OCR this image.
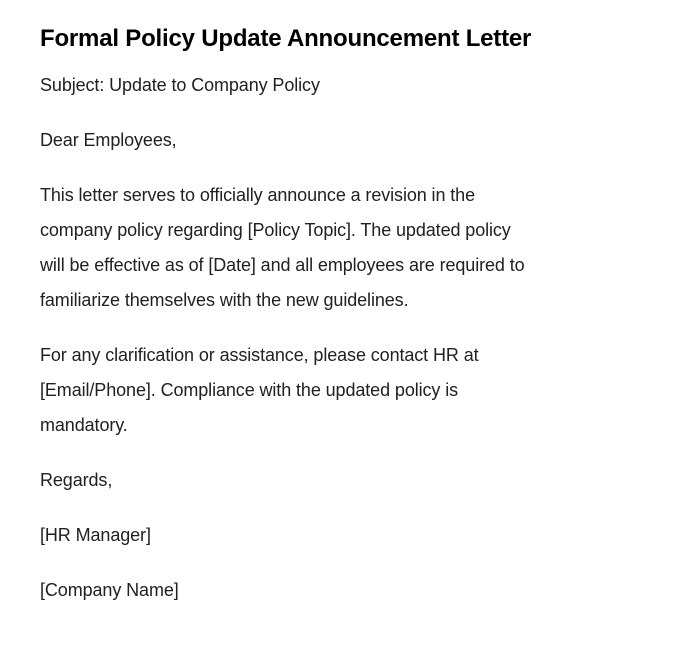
Formal Policy Update Announcement Letter

Subject: Update to Company Policy

Dear Employees,

This letter serves to officially announce a revision in the
company policy regarding [Policy Topic]. The updated policy
will be effective as of [Date] and all employees are required to
familiarize themselves with the new guidelines.

For any clarification or assistance, please contact HR at
[Email/Phone]. Compliance with the updated policy is
mandatory.

Regards,

[HR Manager]

[Company Name]
